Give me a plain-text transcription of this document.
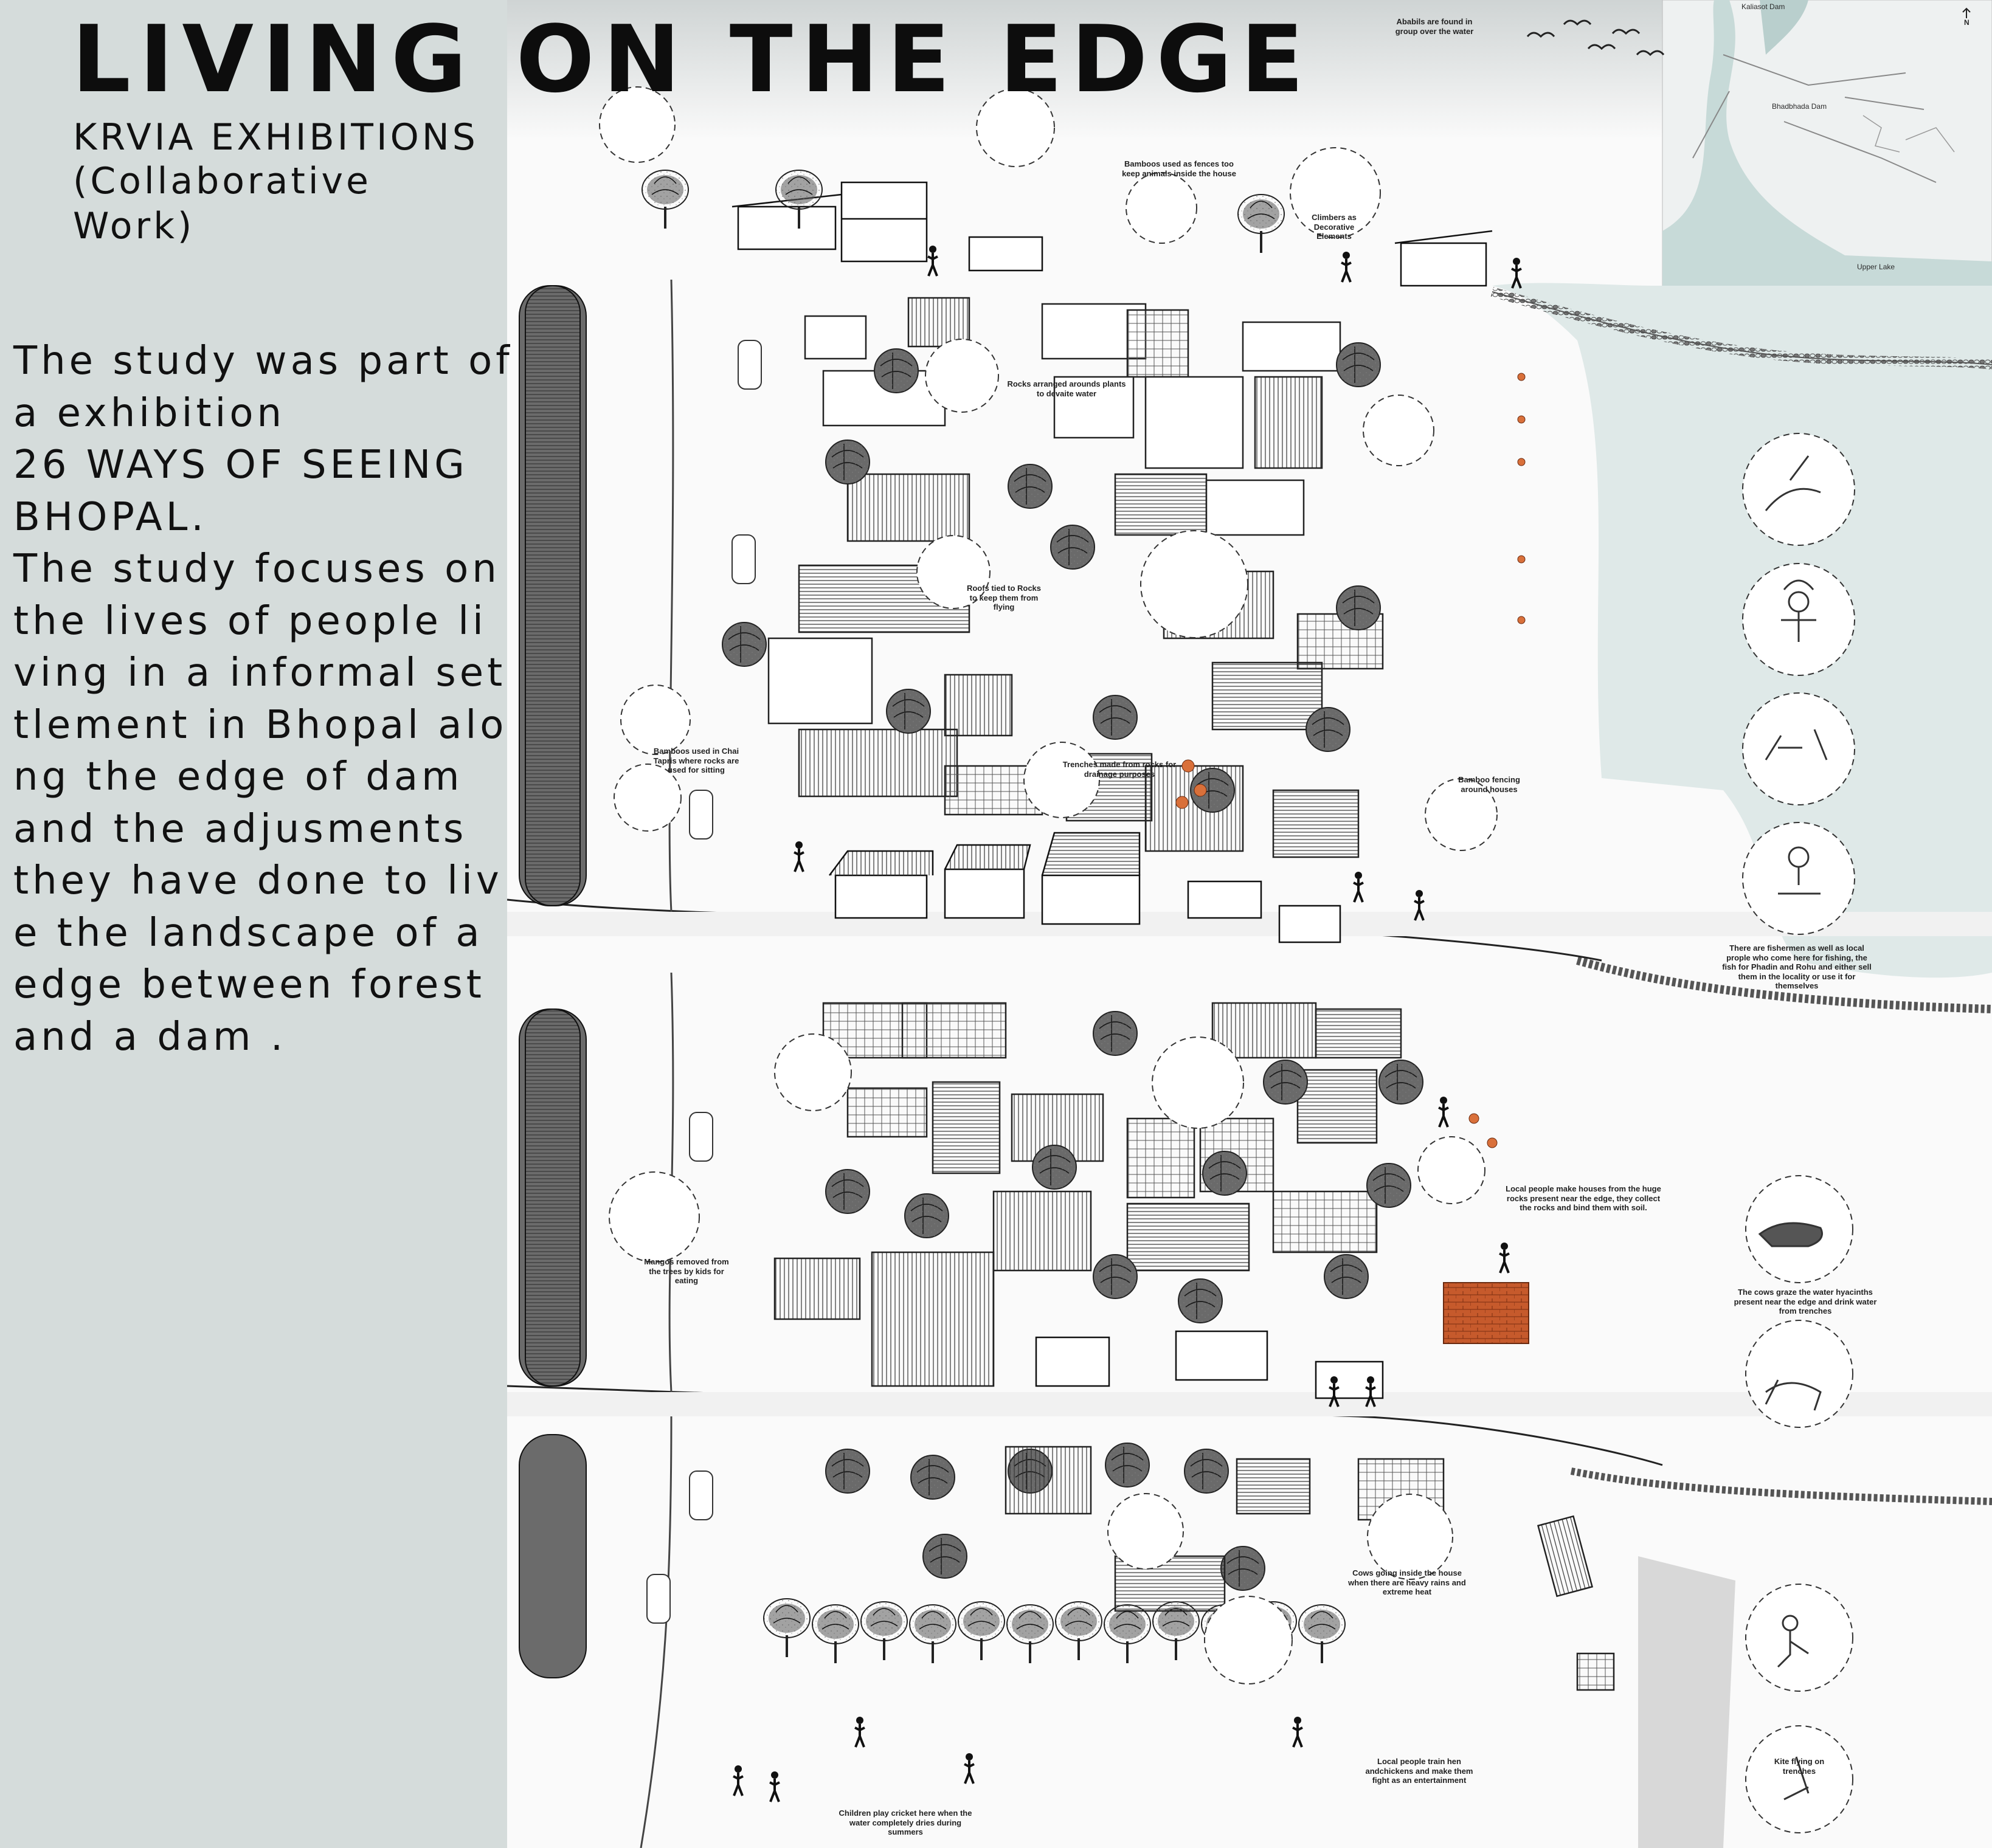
LIVING ON THE EDGE
KRVIA EXHIBITIONS
(Collaborative Work)
The study was part of
a exhibition
26 WAYS OF SEEING
BHOPAL.
The study focuses on
the lives of people li
ving in a informal set
tlement in Bhopal alo
ng the edge of dam
and the adjusments
they have done to liv
e the landscape of a
edge between forest
and a dam .
Ababils are found in group over the water
Bamboos used as fences too keep animals inside the house
Climbers as Decorative Elements
Rocks arranged arounds plants to devaite water
Roofs tied to Rocks to keep them from flying
Bamboos used in Chai Tapris where rocks are used for sitting
Trenches made from rocks for drainage purposes
Bamboo fencing around houses
There are fishermen as well as local prople who come here for fishing, the fish for Phadin and Rohu and either sell them in the locality or use it for themselves
Local people make houses from the huge rocks present near the edge, they collect the rocks and bind them with soil.
Mangos removed from the trees by kids for eating
The cows graze the water hyacinths present near the edge and drink water from trenches
Cows going inside the house when there are heavy rains and extreme heat
Local people train hen andchickens and make them fight as an entertainment
Kite flying on trenches
Children play cricket here when the water completely dries during summers
Kaliasot Dam
Bhadbhada Dam
Upper Lake
N
